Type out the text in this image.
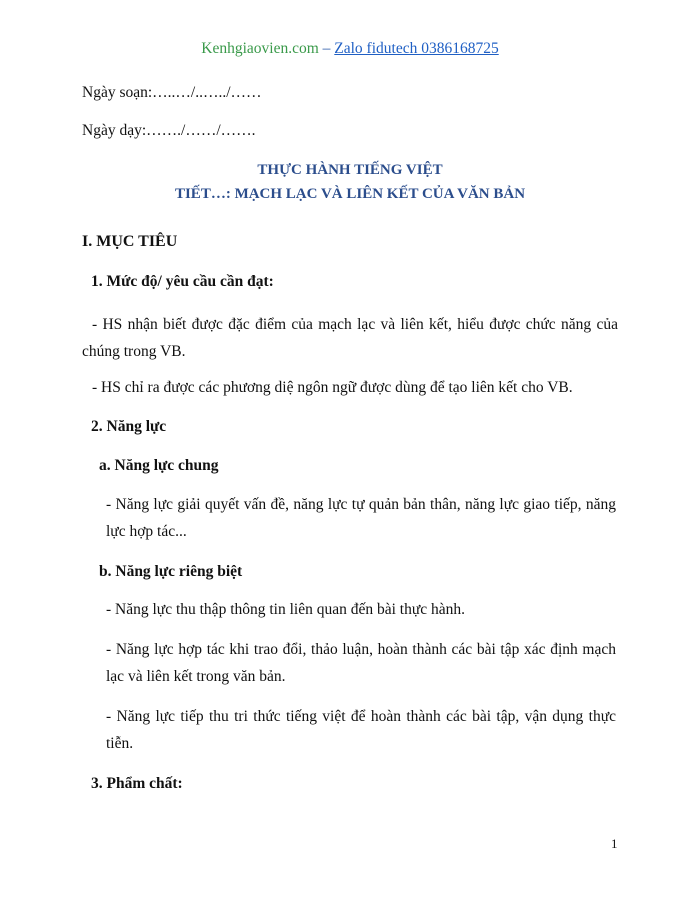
Kenhgiaovien.com – Zalo fidutech 0386168725
Ngày soạn:…..…/..…../……
Ngày dạy:……./……/…….
THỰC HÀNH TIẾNG VIỆT
TIẾT…: MẠCH LẠC VÀ LIÊN KẾT CỦA VĂN BẢN
I. MỤC TIÊU
1. Mức độ/ yêu cầu cần đạt:
- HS nhận biết được đặc điểm của mạch lạc và liên kết, hiểu được chức năng của chúng trong VB.
- HS chỉ ra được các phương diệ ngôn ngữ được dùng để tạo liên kết cho VB.
2. Năng lực
a. Năng lực chung
- Năng lực giải quyết vấn đề, năng lực tự quản bản thân, năng lực giao tiếp, năng lực hợp tác...
b. Năng lực riêng biệt
- Năng lực thu thập thông tin liên quan đến bài thực hành.
- Năng lực hợp tác khi trao đổi, thảo luận, hoàn thành các bài tập xác định mạch lạc và liên kết trong văn bản.
- Năng lực tiếp thu tri thức tiếng việt để hoàn thành các bài tập, vận dụng thực tiễn.
3. Phẩm chất:
1
